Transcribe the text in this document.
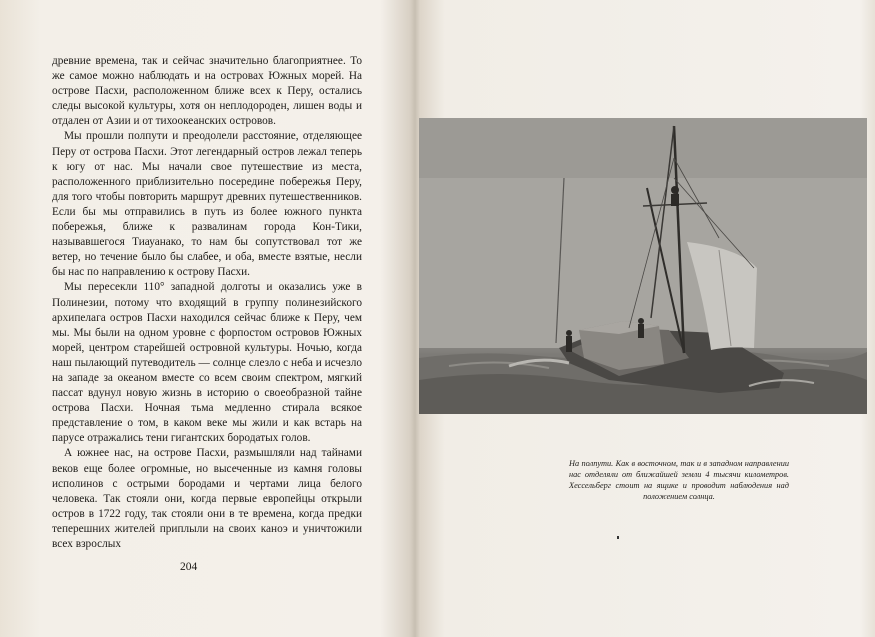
древние времена, так и сейчас значительно благоприятнее. То же самое можно наблюдать и на островах Южных морей. На острове Пасхи, расположенном ближе всех к Перу, остались следы высокой культуры, хотя он неплодороден, лишен воды и отдален от Азии и от тихоокеанских островов.

Мы прошли полпути и преодолели расстояние, отделяющее Перу от острова Пасхи. Этот легендарный остров лежал теперь к югу от нас. Мы начали свое путешествие из места, расположенного приблизительно посередине побережья Перу, для того чтобы повторить маршрут древних путешественников. Если бы мы отправились в путь из более южного пункта побережья, ближе к развалинам города Кон-Тики, называвшегося Тиауанако, то нам бы сопутствовал тот же ветер, но течение было бы слабее, и оба, вместе взятые, несли бы нас по направлению к острову Пасхи.

Мы пересекли 110° западной долготы и оказались уже в Полинезии, потому что входящий в группу полинезийского архипелага остров Пасхи находился сейчас ближе к Перу, чем мы. Мы были на одном уровне с форпостом островов Южных морей, центром старейшей островной культуры. Ночью, когда наш пылающий путеводитель — солнце слезло с неба и исчезло на западе за океаном вместе со всем своим спектром, мягкий пассат вдунул новую жизнь в историю о своеобразной тайне острова Пасхи. Ночная тьма медленно стирала всякое представление о том, в каком веке мы жили и как встарь на парусе отражались тени гигантских бородатых голов.

А южнее нас, на острове Пасхи, размышляли над тайнами веков еще более огромные, но высеченные из камня головы исполинов с острыми бородами и чертами лица белого человека. Так стояли они, когда первые европейцы открыли остров в 1722 году, так стояли они в те времена, когда предки теперешних жителей приплыли на своих каноэ и уничтожили всех взрослых

204
На полпути. Как в восточном, так и в западном направлении нас отделяли от ближайшей земли 4 тысячи километров. Хессельберг стоит на ящике и проводит наблюдения над положением солнца.
